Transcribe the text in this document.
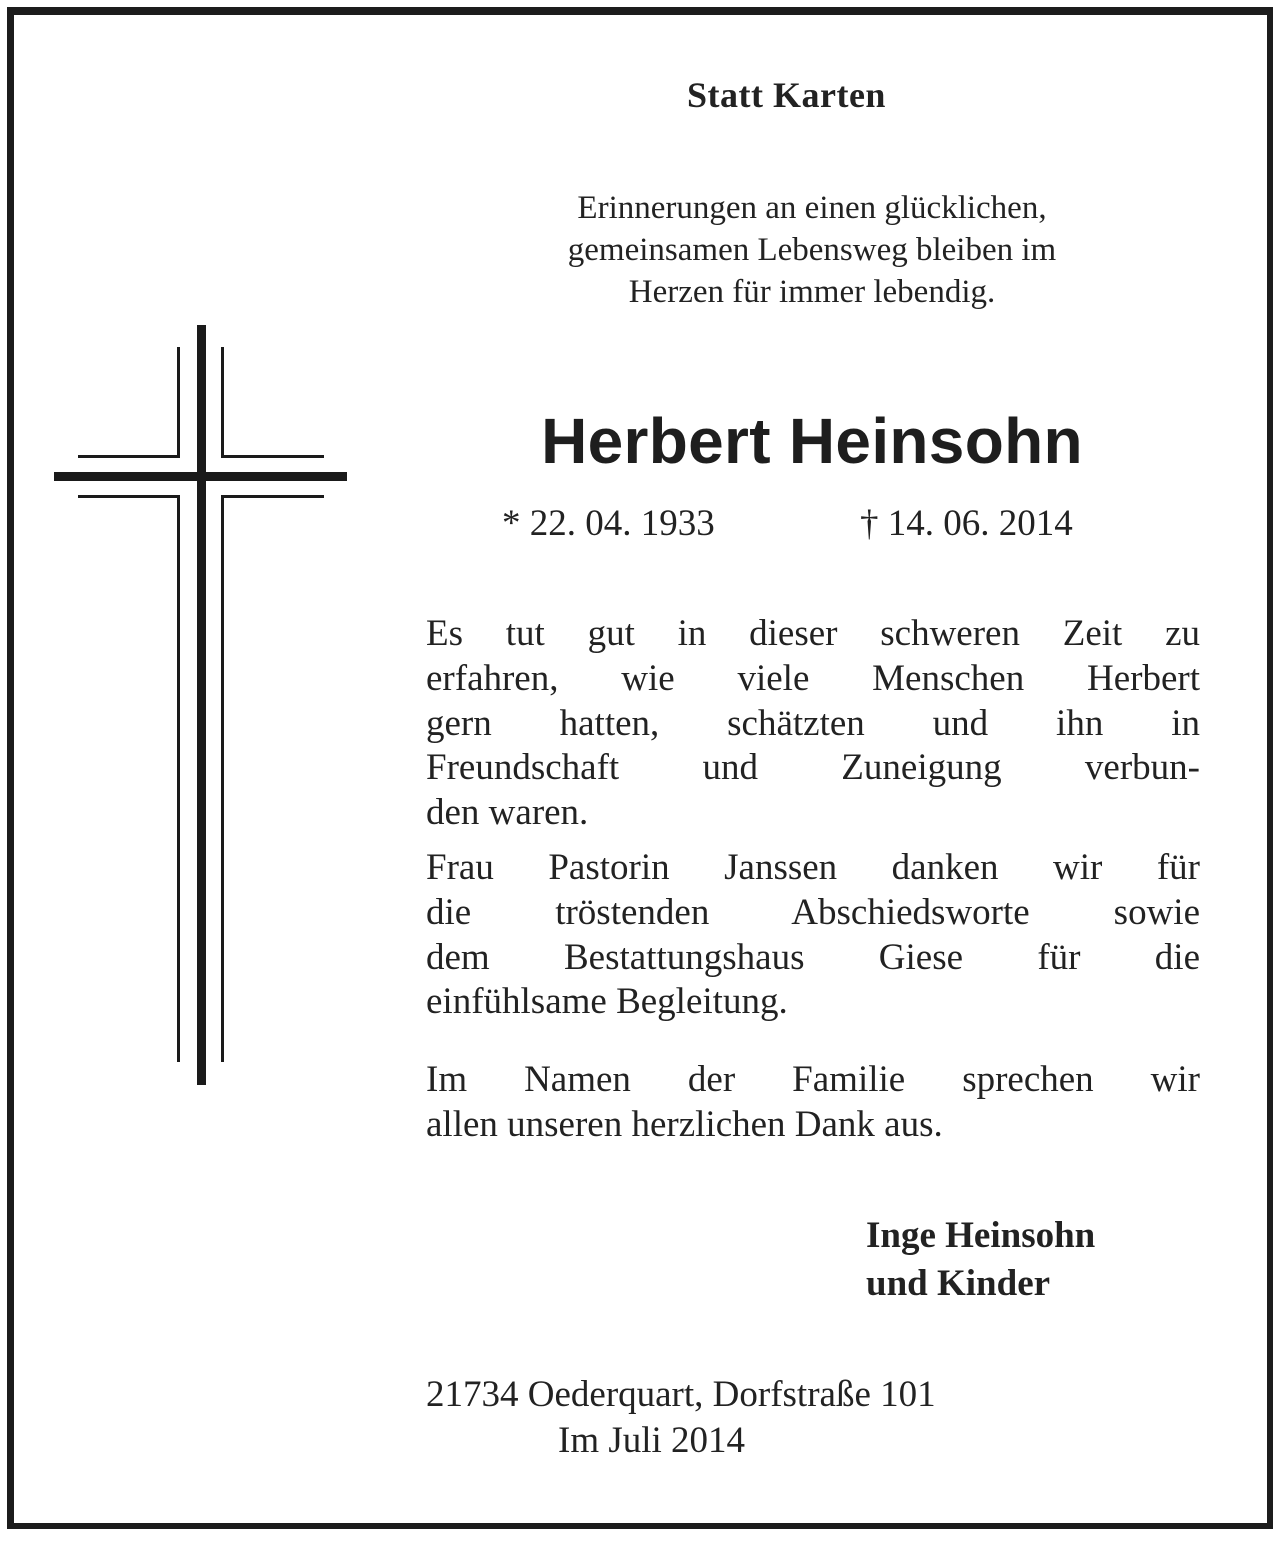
Statt Karten
Erinnerungen an einen glücklichen,
gemeinsamen Lebensweg bleiben im
Herzen für immer lebendig.
Herbert Heinsohn
* 22. 04. 1933	† 14. 06. 2014
Es tut gut in dieser schweren Zeit zu
erfahren, wie viele Menschen Herbert
gern hatten, schätzten und ihn in
Freundschaft und Zuneigung verbun-
den waren.
Frau Pastorin Janssen danken wir für
die tröstenden Abschiedsworte sowie
dem Bestattungshaus Giese für die
einfühlsame Begleitung.
Im Namen der Familie sprechen wir
allen unseren herzlichen Dank aus.
Inge Heinsohn
und Kinder
21734 Oederquart, Dorfstraße 101
Im Juli 2014
